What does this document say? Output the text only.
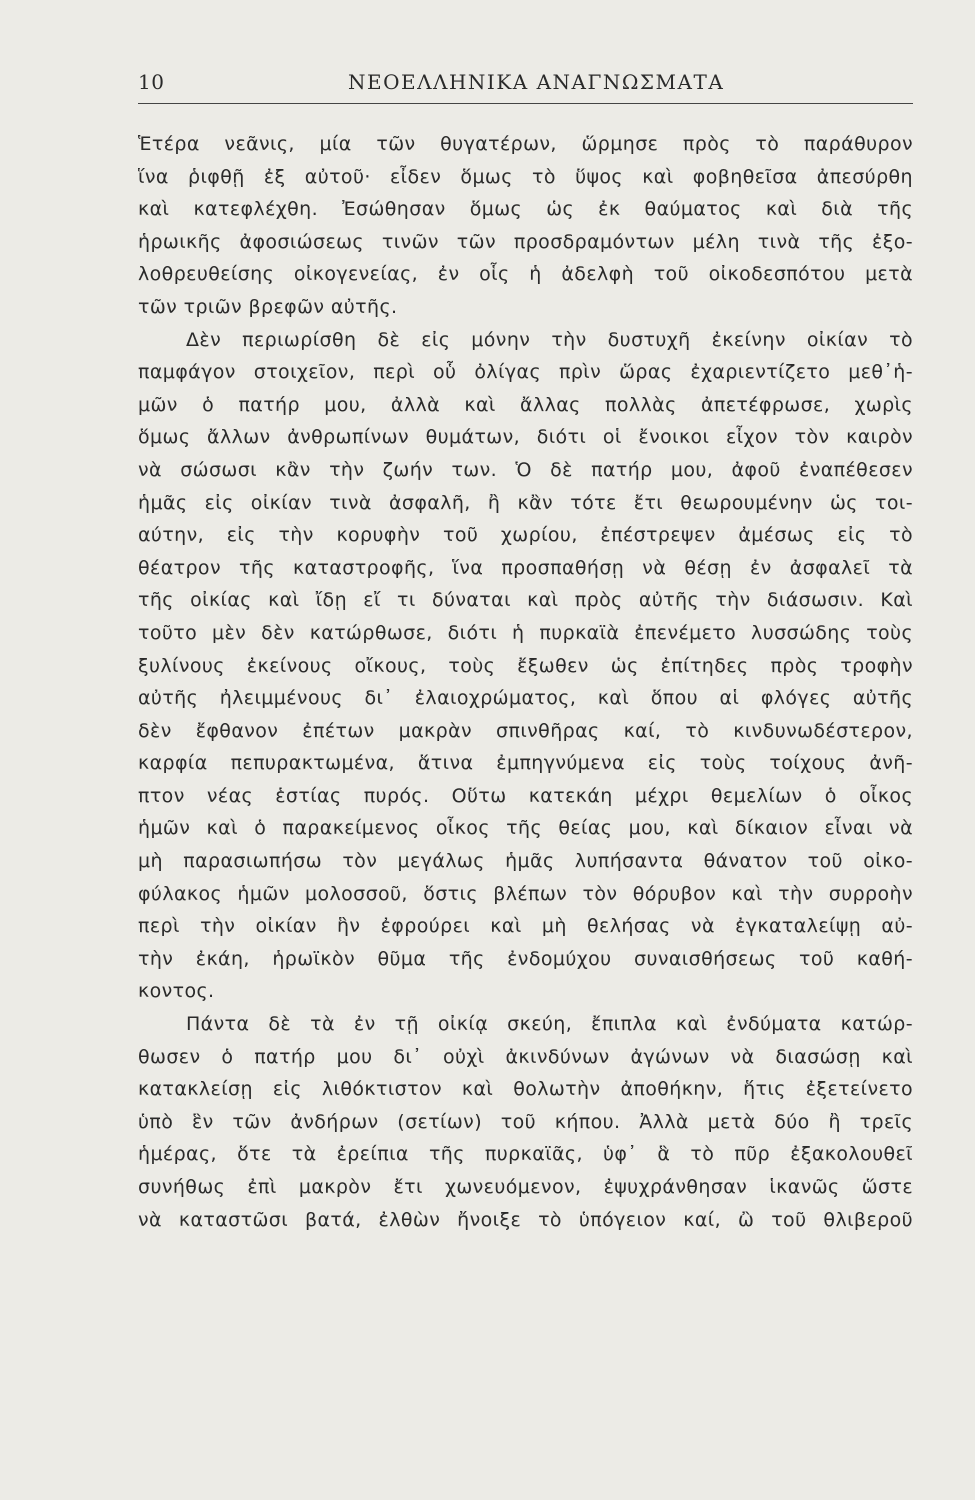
10	ΝΕΟΕΛΛΗΝΙΚΑ ΑΝΑΓΝΩΣΜΑΤΑ
Ἑτέρα νεᾶνις, μία τῶν θυγατέρων, ὥρμησε πρὸς τὸ παράθυρον
ἵνα ῥιφθῇ ἐξ αὐτοῦ· εἶδεν ὅμως τὸ ὕψος καὶ φοβηθεῖσα ἀπεσύρθη
καὶ κατεφλέχθη. Ἐσώθησαν ὅμως ὡς ἐκ θαύματος καὶ διὰ τῆς
ἡρωικῆς ἀφοσιώσεως τινῶν τῶν προσδραμόντων μέλη τινὰ τῆς ἐξο-
λοθρευθείσης οἰκογενείας, ἐν οἷς ἡ ἀδελφὴ τοῦ οἰκοδεσπότου μετὰ
τῶν τριῶν βρεφῶν αὐτῆς.
Δὲν περιωρίσθη δὲ εἰς μόνην τὴν δυστυχῆ ἐκείνην οἰκίαν τὸ
παμφάγον στοιχεῖον, περὶ οὗ ὀλίγας πρὶν ὥρας ἐχαριεντίζετο μεθ᾽ἡ-
μῶν ὁ πατήρ μου, ἀλλὰ καὶ ἄλλας πολλὰς ἀπετέφρωσε, χωρὶς
ὅμως ἄλλων ἀνθρωπίνων θυμάτων, διότι οἱ ἔνοικοι εἶχον τὸν καιρὸν
νὰ σώσωσι κἂν τὴν ζωήν των. Ὁ δὲ πατήρ μου, ἀφοῦ ἐναπέθεσεν
ἡμᾶς εἰς οἰκίαν τινὰ ἀσφαλῆ, ἢ κἂν τότε ἔτι θεωρουμένην ὡς τοι-
αύτην, εἰς τὴν κορυφὴν τοῦ χωρίου, ἐπέστρεψεν ἀμέσως εἰς τὸ
θέατρον τῆς καταστροφῆς, ἵνα προσπαθήσῃ νὰ θέσῃ ἐν ἀσφαλεῖ τὰ
τῆς οἰκίας καὶ ἴδῃ εἴ τι δύναται καὶ πρὸς αὐτῆς τὴν διάσωσιν. Καὶ
τοῦτο μὲν δὲν κατώρθωσε, διότι ἡ πυρκαϊὰ ἐπενέμετο λυσσώδης τοὺς
ξυλίνους ἐκείνους οἴκους, τοὺς ἔξωθεν ὡς ἐπίτηδες πρὸς τροφὴν
αὐτῆς ἠλειμμένους δι᾽ ἐλαιοχρώματος, καὶ ὅπου αἱ φλόγες αὐτῆς
δὲν ἔφθανον ἐπέτων μακρὰν σπινθῆρας καί, τὸ κινδυνωδέστερον,
καρφία πεπυρακτωμένα, ἅτινα ἐμπηγνύμενα εἰς τοὺς τοίχους ἀνῆ-
πτον νέας ἑστίας πυρός. Οὕτω κατεκάη μέχρι θεμελίων ὁ οἶκος
ἡμῶν καὶ ὁ παρακείμενος οἶκος τῆς θείας μου, καὶ δίκαιον εἶναι νὰ
μὴ παρασιωπήσω τὸν μεγάλως ἡμᾶς λυπήσαντα θάνατον τοῦ οἰκο-
φύλακος ἡμῶν μολοσσοῦ, ὅστις βλέπων τὸν θόρυβον καὶ τὴν συρροὴν
περὶ τὴν οἰκίαν ἣν ἐφρούρει καὶ μὴ θελήσας νὰ ἐγκαταλείψῃ αὐ-
τὴν ἐκάη, ἡρωϊκὸν θῦμα τῆς ἐνδομύχου συναισθήσεως τοῦ καθή-
κοντος.
Πάντα δὲ τὰ ἐν τῇ οἰκίᾳ σκεύη, ἔπιπλα καὶ ἐνδύματα κατώρ-
θωσεν ὁ πατήρ μου δι᾽ οὐχὶ ἀκινδύνων ἀγώνων νὰ διασώσῃ καὶ
κατακλείσῃ εἰς λιθόκτιστον καὶ θολωτὴν ἀποθήκην, ἥτις ἐξετείνετο
ὑπὸ ἓν τῶν ἀνδήρων (σετίων) τοῦ κήπου. Ἀλλὰ μετὰ δύο ἢ τρεῖς
ἡμέρας, ὅτε τὰ ἐρείπια τῆς πυρκαϊᾶς, ὑφ᾽ ἃ τὸ πῦρ ἐξακολουθεῖ
συνήθως ἐπὶ μακρὸν ἔτι χωνευόμενον, ἐψυχράνθησαν ἱκανῶς ὥστε
νὰ καταστῶσι βατά, ἐλθὼν ἤνοιξε τὸ ὑπόγειον καί, ὢ τοῦ θλιβεροῦ
